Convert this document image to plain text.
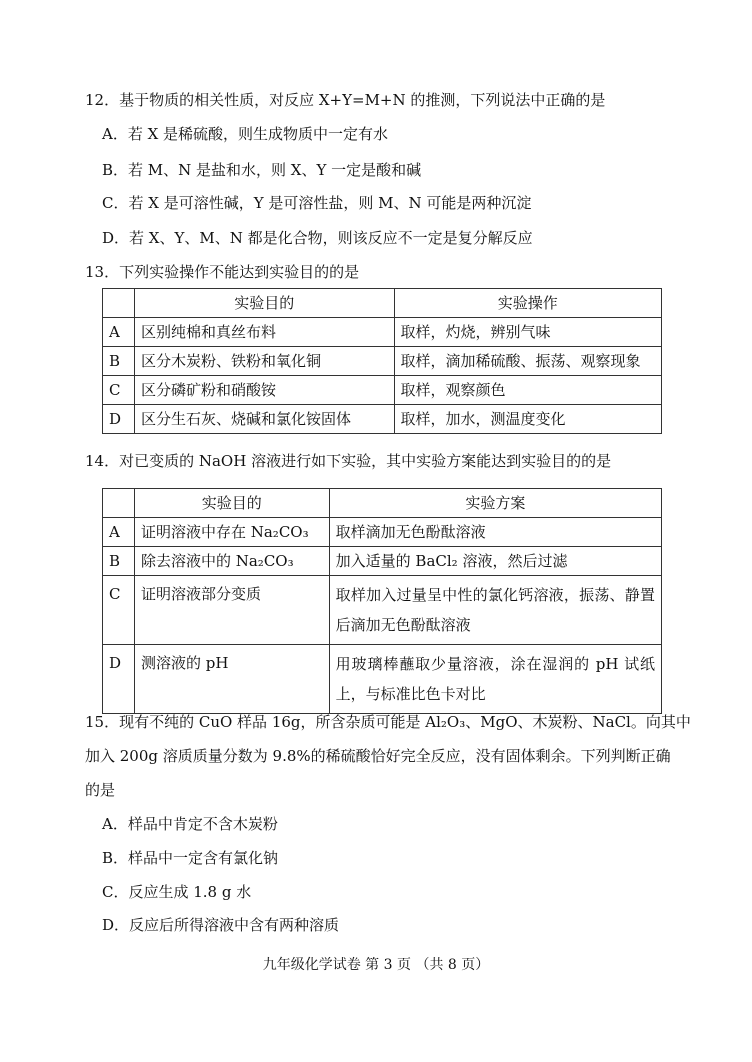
12．基于物质的相关性质，对反应 X+Y=M+N 的推测，下列说法中正确的是
A．若 X 是稀硫酸，则生成物质中一定有水
B．若 M、N 是盐和水，则 X、Y 一定是酸和碱
C．若 X 是可溶性碱，Y 是可溶性盐，则 M、N 可能是两种沉淀
D．若 X、Y、M、N 都是化合物，则该反应不一定是复分解反应
13．下列实验操作不能达到实验目的的是
	实验目的	实验操作
A	区别纯棉和真丝布料	取样，灼烧，辨别气味
B	区分木炭粉、铁粉和氧化铜	取样，滴加稀硫酸、振荡、观察现象
C	区分磷矿粉和硝酸铵	取样，观察颜色
D	区分生石灰、烧碱和氯化铵固体	取样，加水，测温度变化
14．对已变质的 NaOH 溶液进行如下实验，其中实验方案能达到实验目的的是
	实验目的	实验方案
A	证明溶液中存在 Na₂CO₃	取样滴加无色酚酞溶液
B	除去溶液中的 Na₂CO₃	加入适量的 BaCl₂ 溶液，然后过滤
C	证明溶液部分变质	取样加入过量呈中性的氯化钙溶液，振荡、静置后滴加无色酚酞溶液
D	测溶液的 pH	用玻璃棒蘸取少量溶液，涂在湿润的 pH 试纸上，与标准比色卡对比
15．现有不纯的 CuO 样品 16g，所含杂质可能是 Al₂O₃、MgO、木炭粉、NaCl。向其中
加入 200g 溶质质量分数为 9.8%的稀硫酸恰好完全反应，没有固体剩余。下列判断正确
的是
A．样品中肯定不含木炭粉
B．样品中一定含有氯化钠
C．反应生成 1.8 g 水
D．反应后所得溶液中含有两种溶质
九年级化学试卷 第 3 页 （共 8 页）
